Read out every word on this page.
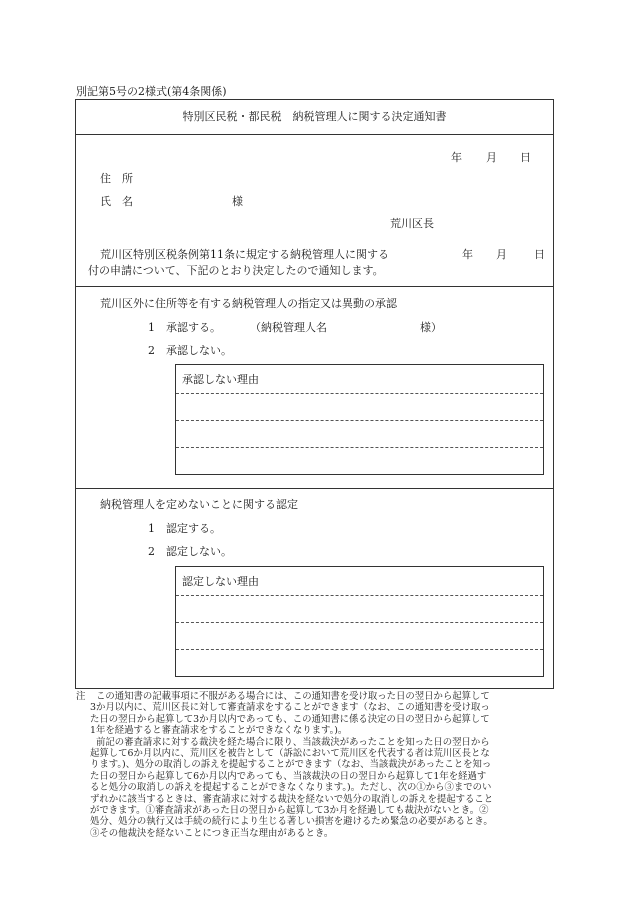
別記第5号の2様式(第4条関係)
特別区民税・都民税　納税管理人に関する決定通知書
年 月 日
住　所
氏　名	様
荒川区長
荒川区特別区税条例第11条に規定する納税管理人に関する	年 月 日
付の申請について、下記のとおり決定したので通知します。
荒川区外に住所等を有する納税管理人の指定又は異動の承認
1 承認する。	（納税管理人名	様）
2 承認しない。
承認しない理由
納税管理人を定めないことに関する認定
1 認定する。
2 認定しない。
認定しない理由
注	この通知書の記載事項に不服がある場合には、この通知書を受け取った日の翌日から起算して

3か月以内に、荒川区長に対して審査請求をすることができます（なお、この通知書を受け取っ

た日の翌日から起算して3か月以内であっても、この通知書に係る決定の日の翌日から起算して

1年を経過すると審査請求をすることができなくなります。)。

前記の審査請求に対する裁決を経た場合に限り、当該裁決があったことを知った日の翌日から

起算して6か月以内に、荒川区を被告として（訴訟において荒川区を代表する者は荒川区長とな

ります。)、処分の取消しの訴えを提起することができます（なお、当該裁決があったことを知っ

た日の翌日から起算して6か月以内であっても、当該裁決の日の翌日から起算して1年を経過す

ると処分の取消しの訴えを提起することができなくなります。)。ただし、次の①から③までのい

ずれかに該当するときは、審査請求に対する裁決を経ないで処分の取消しの訴えを提起すること

ができます。①審査請求があった日の翌日から起算して3か月を経過しても裁決がないとき。②

処分、処分の執行又は手続の続行により生じる著しい損害を避けるため緊急の必要があるとき。

③その他裁決を経ないことにつき正当な理由があるとき。
